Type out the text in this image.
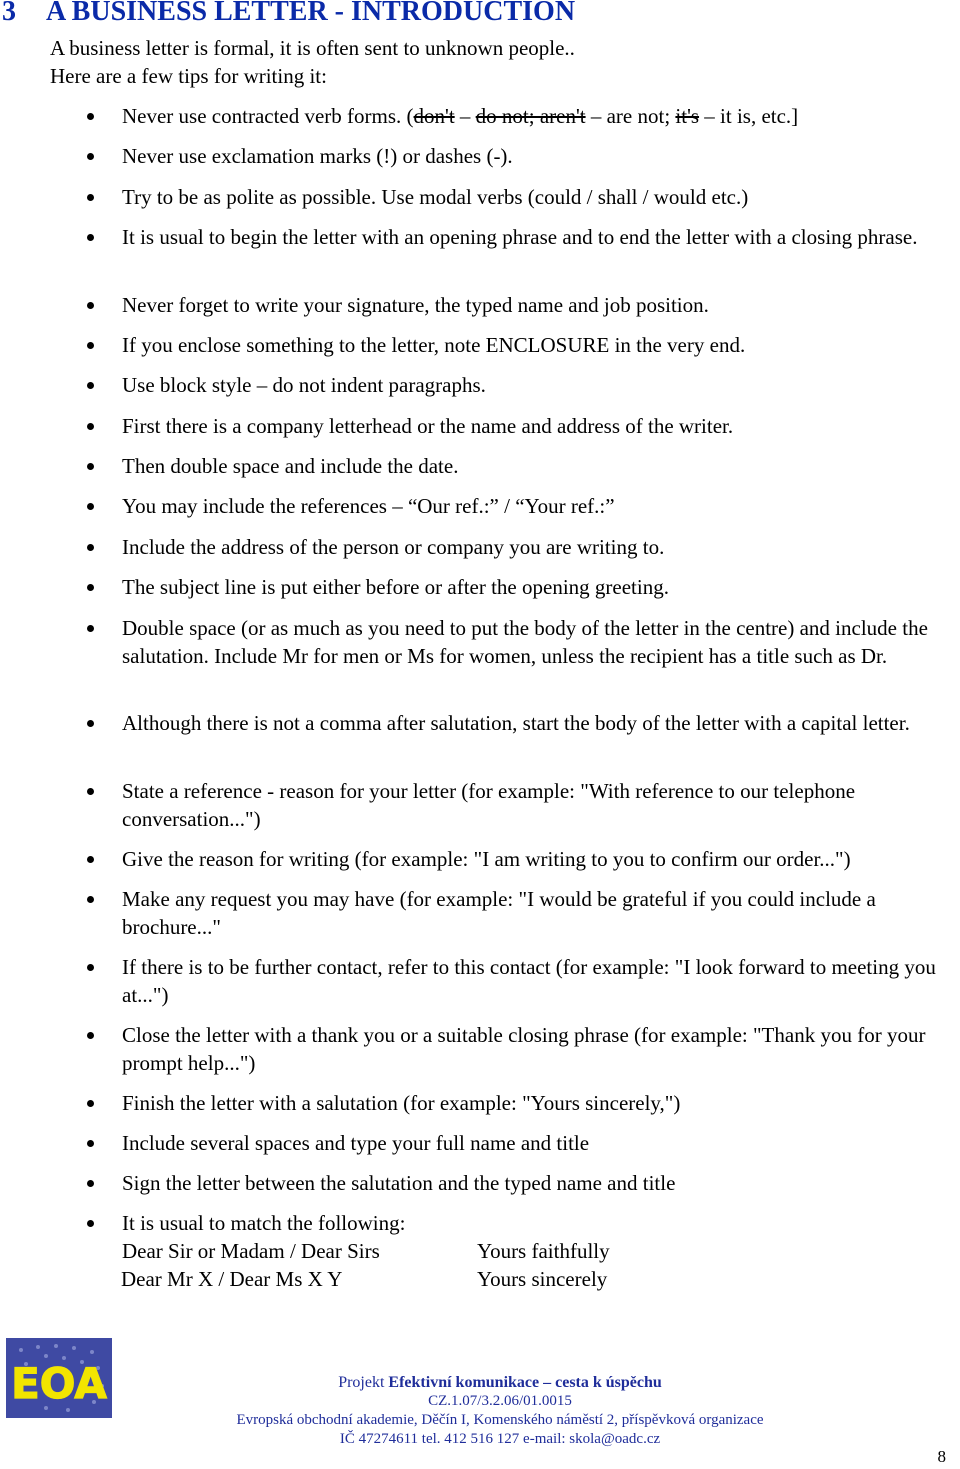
3 A BUSINESS LETTER - INTRODUCTION
A business letter is formal, it is often sent to unknown people..
Here are a few tips for writing it:
Never use contracted verb forms. (don't – do not; aren't – are not; it's – it is, etc.]
Never use exclamation marks (!) or dashes (-).
Try to be as polite as possible. Use modal verbs (could / shall / would etc.)
It is usual to begin the letter with an opening phrase and to end the letter with a closing phrase.
Never forget to write your signature, the typed name and job position.
If you enclose something to the letter, note ENCLOSURE in the very end.
Use block style – do not indent paragraphs.
First there is a company letterhead or the name and address of the writer.
Then double space and include the date.
You may include the references – “Our ref.:” / “Your ref.:”
Include the address of the person or company you are writing to.
The subject line is put either before or after the opening greeting.
Double space (or as much as you need to put the body of the letter in the centre) and include the salutation. Include Mr for men or Ms for women, unless the recipient has a title such as Dr.
Although there is not a comma after salutation, start the body of the letter with a capital letter.
State a reference - reason for your letter (for example: "With reference to our telephone conversation...")
Give the reason for writing (for example: "I am writing to you to confirm our order...")
Make any request you may have (for example: "I would be grateful if you could include a brochure..."
If there is to be further contact, refer to this contact (for example: "I look forward to meeting you at...")
Close the letter with a thank you or a suitable closing phrase (for example: "Thank you for your prompt help...")
Finish the letter with a salutation (for example: "Yours sincerely,")
Include several spaces and type your full name and title
Sign the letter between the salutation and the typed name and title
It is usual to match the following:
Dear Sir or Madam / Dear Sirs	Yours faithfully
Dear Mr X / Dear Ms X Y	Yours sincerely
EOA	Projekt Efektivní komunikace – cesta k úspěchu
CZ.1.07/3.2.06/01.0015
Evropská obchodní akademie, Děčín I, Komenského náměstí 2, příspěvková organizace
IČ 47274611 tel. 412 516 127 e-mail: skola@oadc.cz
8
